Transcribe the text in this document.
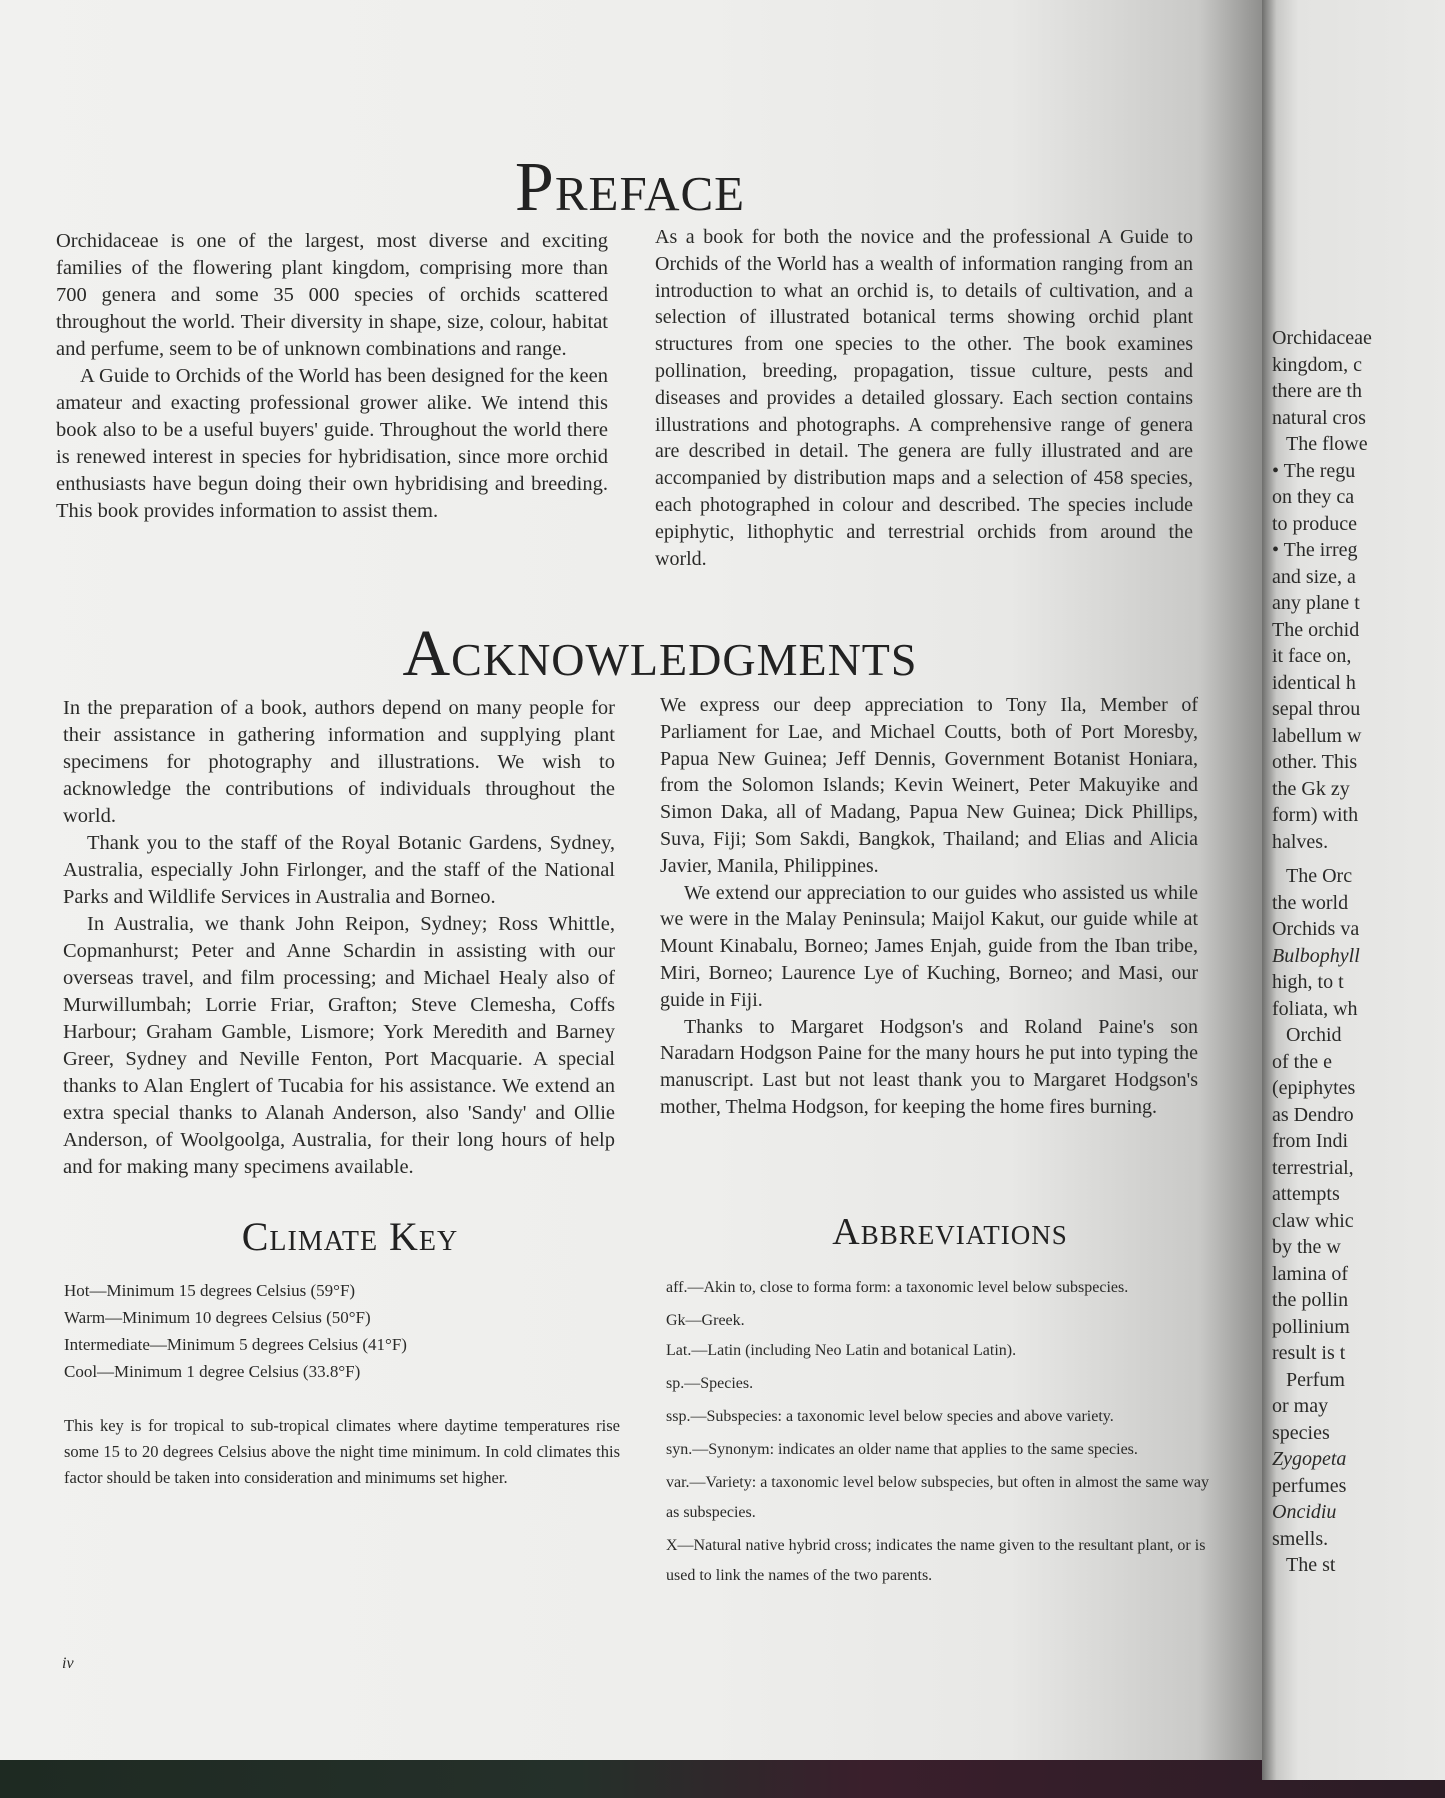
Preface

Orchidaceae is one of the largest, most diverse and exciting families of the flowering plant kingdom, comprising more than 700 genera and some 35 000 species of orchids scattered throughout the world. Their diversity in shape, size, colour, habitat and perfume, seem to be of unknown combinations and range.

A Guide to Orchids of the World has been designed for the keen amateur and exacting professional grower alike. We intend this book also to be a useful buyers' guide. Throughout the world there is renewed interest in species for hybridisation, since more orchid enthusiasts have begun doing their own hybridising and breeding. This book provides information to assist them.

As a book for both the novice and the professional A Guide to Orchids of the World has a wealth of information ranging from an introduction to what an orchid is, to details of cultivation, and a selection of illustrated botanical terms showing orchid plant structures from one species to the other. The book examines pollination, breeding, propagation, tissue culture, pests and diseases and provides a detailed glossary. Each section contains illustrations and photographs. A comprehensive range of genera are described in detail. The genera are fully illustrated and are accompanied by distribution maps and a selection of 458 species, each photographed in colour and described. The species include epiphytic, lithophytic and terrestrial orchids from around the world.

Acknowledgments

In the preparation of a book, authors depend on many people for their assistance in gathering information and supplying plant specimens for photography and illustrations. We wish to acknowledge the contributions of individuals throughout the world.

Thank you to the staff of the Royal Botanic Gardens, Sydney, Australia, especially John Firlonger, and the staff of the National Parks and Wildlife Services in Australia and Borneo.

In Australia, we thank John Reipon, Sydney; Ross Whittle, Copmanhurst; Peter and Anne Schardin in assisting with our overseas travel, and film processing; and Michael Healy also of Murwillumbah; Lorrie Friar, Grafton; Steve Clemesha, Coffs Harbour; Graham Gamble, Lismore; York Meredith and Barney Greer, Sydney and Neville Fenton, Port Macquarie. A special thanks to Alan Englert of Tucabia for his assistance. We extend an extra special thanks to Alanah Anderson, also 'Sandy' and Ollie Anderson, of Woolgoolga, Australia, for their long hours of help and for making many specimens available.

We express our deep appreciation to Tony Ila, Member of Parliament for Lae, and Michael Coutts, both of Port Moresby, Papua New Guinea; Jeff Dennis, Government Botanist Honiara, from the Solomon Islands; Kevin Weinert, Peter Makuyike and Simon Daka, all of Madang, Papua New Guinea; Dick Phillips, Suva, Fiji; Som Sakdi, Bangkok, Thailand; and Elias and Alicia Javier, Manila, Philippines.

We extend our appreciation to our guides who assisted us while we were in the Malay Peninsula; Maijol Kakut, our guide while at Mount Kinabalu, Borneo; James Enjah, guide from the Iban tribe, Miri, Borneo; Laurence Lye of Kuching, Borneo; and Masi, our guide in Fiji.

Thanks to Margaret Hodgson's and Roland Paine's son Naradarn Hodgson Paine for the many hours he put into typing the manuscript. Last but not least thank you to Margaret Hodgson's mother, Thelma Hodgson, for keeping the home fires burning.

Climate Key
Hot—Minimum 15 degrees Celsius (59°F)
Warm—Minimum 10 degrees Celsius (50°F)
Intermediate—Minimum 5 degrees Celsius (41°F)
Cool—Minimum 1 degree Celsius (33.8°F)

This key is for tropical to sub-tropical climates where daytime temperatures rise some 15 to 20 degrees Celsius above the night time minimum. In cold climates this factor should be taken into consideration and minimums set higher.

Abbreviations
aff.—Akin to, close to forma form: a taxonomic level below subspecies.
Gk—Greek.
Lat.—Latin (including Neo Latin and botanical Latin).
sp.—Species.
ssp.—Subspecies: a taxonomic level below species and above variety.
syn.—Synonym: indicates an older name that applies to the same species.
var.—Variety: a taxonomic level below subspecies, but often in almost the same way as subspecies.
X—Natural native hybrid cross; indicates the name given to the resultant plant, or is used to link the names of the two parents.
iv
Orchidaceae
kingdom, c
there are th
natural cros
The flowe
• The regu
on they ca
to produce
• The irreg
and size, a
any plane t
The orchid
it face on,
identical h
sepal throu
labellum w
other. This
the Gk zy
form) with
halves.
The Orc
the world
Orchids va
Bulbophyll
high, to t
foliata, wh
Orchid
of the e
(epiphytes
as Dendro
from Indi
terrestrial,
attempts
claw whic
by the w
lamina of
the pollin
pollinium
result is t
Perfum
or may
species
Zygopeta
perfumes
Oncidiu
smells.
The st
